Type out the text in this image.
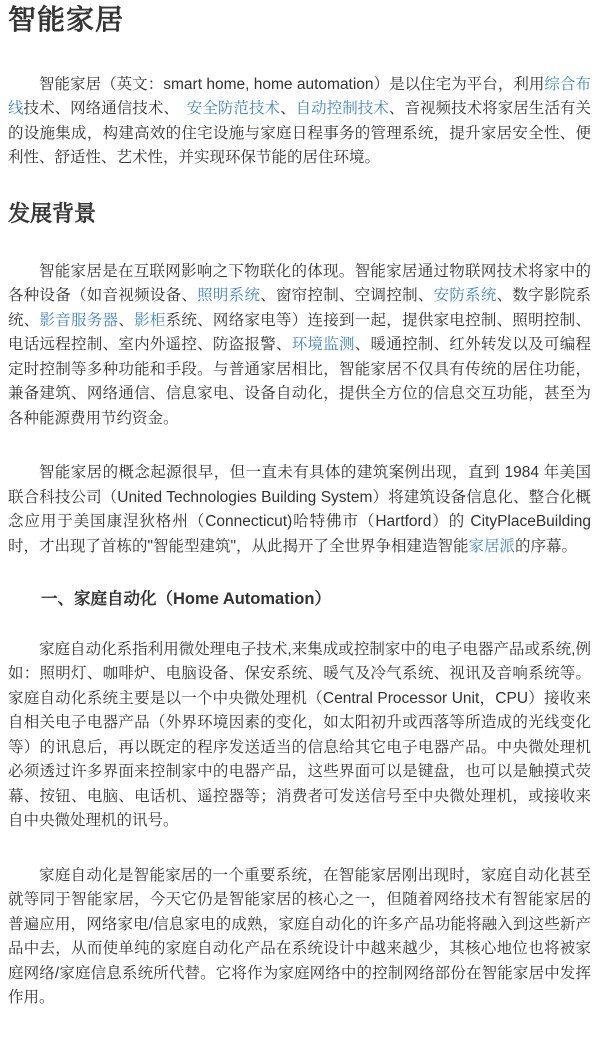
智能家居

智能家居（英文：smart home, home automation）是以住宅为平台，利用综合布线技术、网络通信技术、　安全防范技术、自动控制技术、音视频技术将家居生活有关的设施集成，构建高效的住宅设施与家庭日程事务的管理系统，提升家居安全性、便利性、舒适性、艺术性，并实现环保节能的居住环境。

发展背景

智能家居是在互联网影响之下物联化的体现。智能家居通过物联网技术将家中的各种设备（如音视频设备、照明系统、窗帘控制、空调控制、安防系统、数字影院系统、影音服务器、影柜系统、网络家电等）连接到一起，提供家电控制、照明控制、电话远程控制、室内外遥控、防盗报警、环境监测、暖通控制、红外转发以及可编程定时控制等多种功能和手段。与普通家居相比，智能家居不仅具有传统的居住功能，兼备建筑、网络通信、信息家电、设备自动化，提供全方位的信息交互功能，甚至为各种能源费用节约资金。

智能家居的概念起源很早，但一直未有具体的建筑案例出现，直到 1984 年美国联合科技公司（United Technologies Building System）将建筑设备信息化、整合化概念应用于美国康涅狄格州（Connecticut)哈特佛市（Hartford）的 CityPlaceBuilding 时，才出现了首栋的"智能型建筑"，从此揭开了全世界争相建造智能家居派的序幕。

一、家庭自动化（Home Automation）

家庭自动化系指利用微处理电子技术,来集成或控制家中的电子电器产品或系统,例如：照明灯、咖啡炉、电脑设备、保安系统、暖气及冷气系统、视讯及音响系统等。家庭自动化系统主要是以一个中央微处理机（Central Processor Unit，CPU）接收来自相关电子电器产品（外界环境因素的变化，如太阳初升或西落等所造成的光线变化等）的讯息后，再以既定的程序发送适当的信息给其它电子电器产品。中央微处理机必须透过许多界面来控制家中的电器产品，这些界面可以是键盘，也可以是触摸式荧幕、按钮、电脑、电话机、遥控器等；消费者可发送信号至中央微处理机，或接收来自中央微处理机的讯号。

家庭自动化是智能家居的一个重要系统，在智能家居刚出现时，家庭自动化甚至就等同于智能家居，今天它仍是智能家居的核心之一，但随着网络技术有智能家居的普遍应用，网络家电/信息家电的成熟，家庭自动化的许多产品功能将融入到这些新产品中去，从而使单纯的家庭自动化产品在系统设计中越来越少，其核心地位也将被家庭网络/家庭信息系统所代替。它将作为家庭网络中的控制网络部份在智能家居中发挥作用。
